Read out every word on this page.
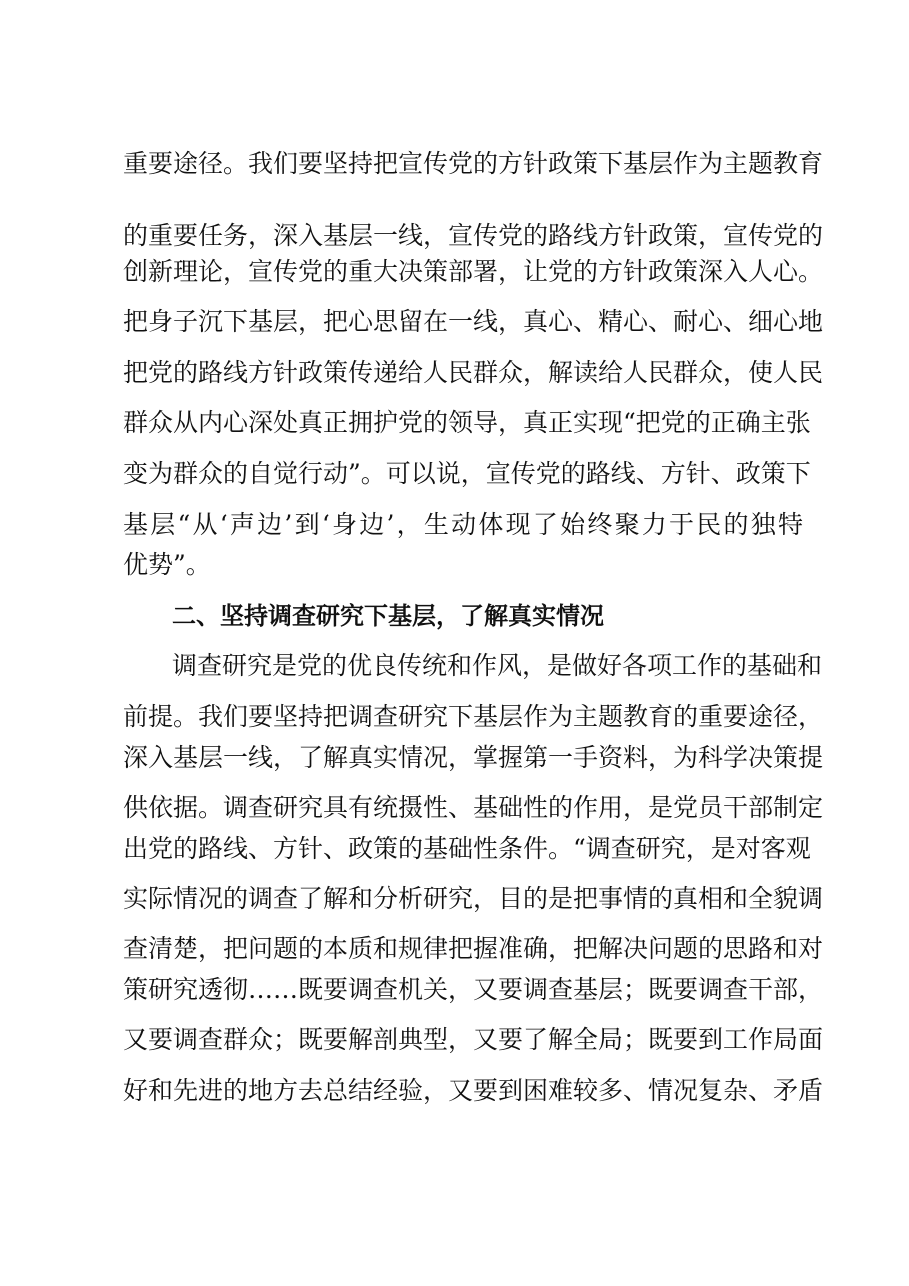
重要途径。我们要坚持把宣传党的方针政策下基层作为主题教育
的重要任务，深入基层一线，宣传党的路线方针政策，宣传党的
创新理论，宣传党的重大决策部署，让党的方针政策深入人心。
把身子沉下基层，把心思留在一线，真心、精心、耐心、细心地
把党的路线方针政策传递给人民群众，解读给人民群众，使人民
群众从内心深处真正拥护党的领导，真正实现“把党的正确主张
变为群众的自觉行动”。可以说，宣传党的路线、方针、政策下
基层“从‘声边’到‘身边’，生动体现了始终聚力于民的独特
优势”。
二、坚持调查研究下基层，了解真实情况
调查研究是党的优良传统和作风，是做好各项工作的基础和
前提。我们要坚持把调查研究下基层作为主题教育的重要途径，
深入基层一线，了解真实情况，掌握第一手资料，为科学决策提
供依据。调查研究具有统摄性、基础性的作用，是党员干部制定
出党的路线、方针、政策的基础性条件。“调查研究，是对客观
实际情况的调查了解和分析研究，目的是把事情的真相和全貌调
查清楚，把问题的本质和规律把握准确，把解决问题的思路和对
策研究透彻……既要调查机关，又要调查基层；既要调查干部，
又要调查群众；既要解剖典型，又要了解全局；既要到工作局面
好和先进的地方去总结经验，又要到困难较多、情况复杂、矛盾
